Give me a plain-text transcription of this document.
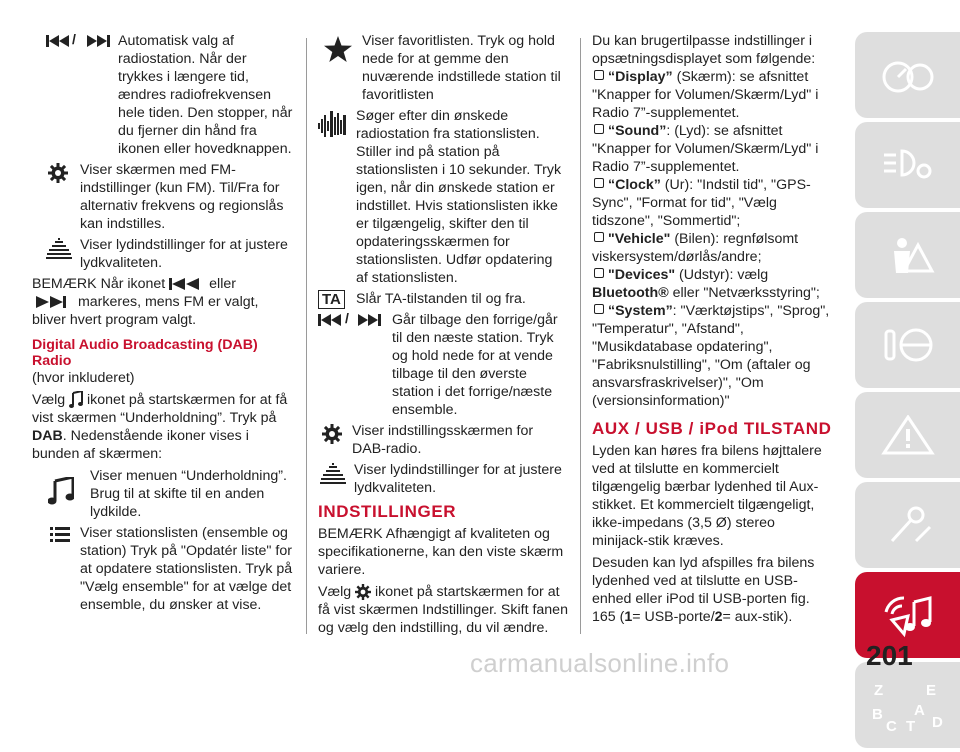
/	Automatisk valg af radiostation. Når der trykkes i længere tid, ændres radiofrekvensen hele tiden. Den stopper, når du fjerner din hånd fra ikonen eller hovedknappen.
Viser skærmen med FM-indstillinger (kun FM). Til/Fra for alternativ frekvens og regionslås kan indstilles.
Viser lydindstillinger for at justere lydkvaliteten.

BEMÆRK Når ikonet	eller
markeres, mens FM er valgt, bliver hvert program valgt.

Digital Audio Broadcasting (DAB) Radio

(hvor inkluderet)

Vælg ikonet på startskærmen for at få vist skærmen “Underholdning”. Tryk på DAB. Nedenstående ikoner vises i bunden af skærmen:

Viser menuen “Underholdning”. Brug til at skifte til en anden lydkilde.
Viser stationslisten (ensemble og station) Tryk på "Opdatér liste" for at opdatere stationslisten. Tryk på "Vælg ensemble" for at vælge det ensemble, du ønsker at vise.
Viser favoritlisten. Tryk og hold nede for at gemme den nuværende indstillede station til favoritlisten
Søger efter din ønskede radiostation fra stationslisten. Stiller ind på station på stationslisten i 10 sekunder. Tryk igen, når din ønskede station er indstillet. Hvis stationslisten ikke er tilgængelig, skifter den til opdateringsskærmen for stationslisten. Udfør opdatering af stationslisten.
TA Slår TA-tilstanden til og fra.
/	Går tilbage den forrige/går til den næste station. Tryk og hold nede for at vende tilbage til den øverste station i det forrige/næste ensemble.
Viser indstillingsskærmen for DAB-radio.
Viser lydindstillinger for at justere lydkvaliteten.
INDSTILLINGER

BEMÆRK Afhængigt af kvaliteten og specifikationerne, kan den viste skærm variere.

Vælg ikonet på startskærmen for at få vist skærmen Indstillinger. Skift fanen og vælg den indstilling, du vil ændre.

Du kan brugertilpasse indstillinger i opsætningsdisplayet som følgende:

“Display” (Skærm): se afsnittet "Knapper for Volumen/Skærm/Lyd" i Radio 7”-supplementet.

“Sound”: (Lyd): se afsnittet "Knapper for Volumen/Skærm/Lyd" i Radio 7”-supplementet.

“Clock” (Ur): "Indstil tid", "GPS-Sync", "Format for tid", "Vælg tidszone", "Sommertid";

"Vehicle" (Bilen): regnfølsomt viskersystem/dørlås/andre;

"Devices" (Udstyr): vælg Bluetooth® eller "Netværksstyring";

“System”: "Værktøjstips", "Sprog", "Temperatur", "Afstand", "Musikdatabase opdatering", "Fabriksnulstilling", "Om (aftaler og ansvarsfraskrivelser)", "Om (versionsinformation)"

AUX / USB / iPod TILSTAND

Lyden kan høres fra bilens højttalere ved at tilslutte en kommercielt tilgængelig bærbar lydenhed til Aux-stikket. Et kommercielt tilgængeligt, ikke-impedans (3,5 Ø) stereo minijack-stik kræves.

Desuden kan lyd afspilles fra bilens lydenhed ved at tilslutte en USB-enhed eller iPod til USB-porten fig. 165 (1= USB-porte/2= aux-stik).

Z	E
B A
C T D
carmanualsonline.info	201
